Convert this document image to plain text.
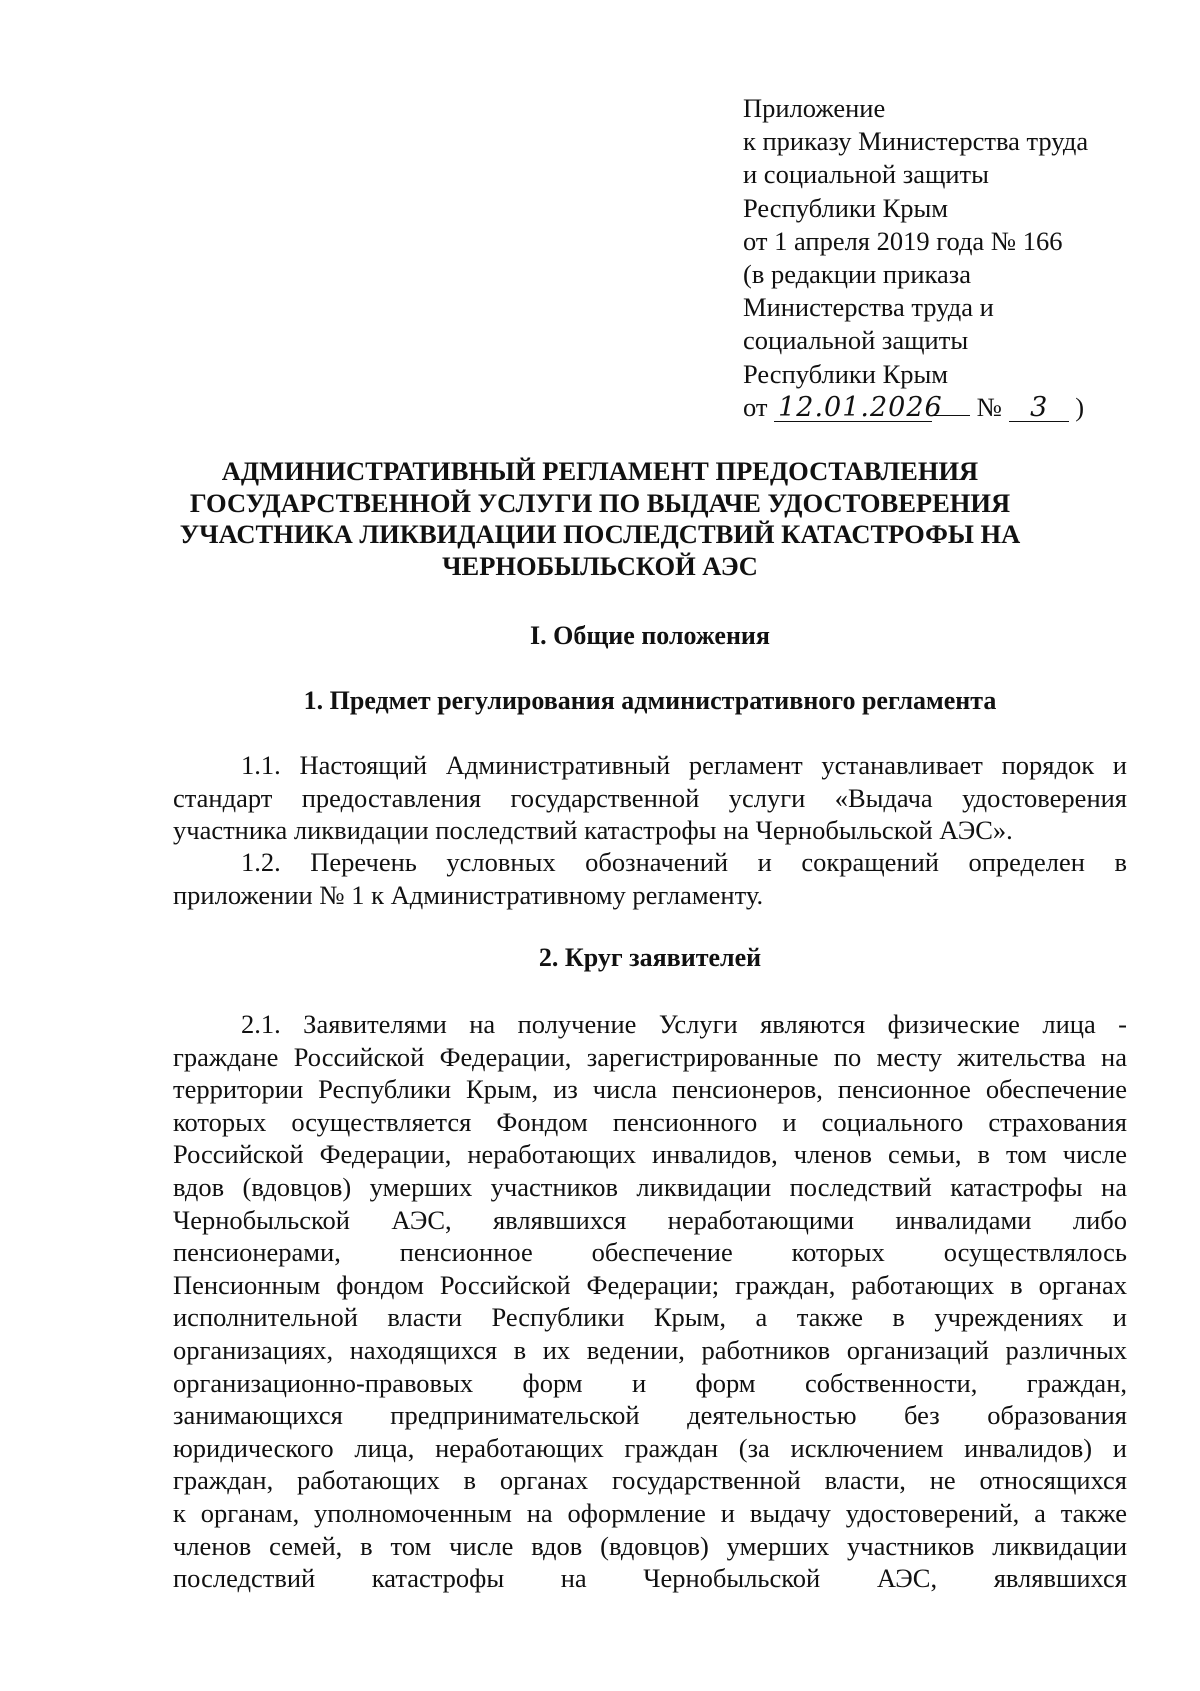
Приложение
к приказу Министерства труда
и социальной защиты
Республики Крым
от 1 апреля 2019 года № 166
(в редакции приказа
Министерства труда и
социальной защиты
Республики Крым
от 12.01.2026 № 3 )
АДМИНИСТРАТИВНЫЙ РЕГЛАМЕНТ ПРЕДОСТАВЛЕНИЯ
ГОСУДАРСТВЕННОЙ УСЛУГИ ПО ВЫДАЧЕ УДОСТОВЕРЕНИЯ
УЧАСТНИКА ЛИКВИДАЦИИ ПОСЛЕДСТВИЙ КАТАСТРОФЫ НА
ЧЕРНОБЫЛЬСКОЙ АЭС
I. Общие положения
1. Предмет регулирования административного регламента
1.1. Настоящий Административный регламент устанавливает порядок и
стандарт предоставления государственной услуги «Выдача удостоверения
участника ликвидации последствий катастрофы на Чернобыльской АЭС».
1.2. Перечень условных обозначений и сокращений определен в
приложении № 1 к Административному регламенту.
2. Круг заявителей
2.1. Заявителями на получение Услуги являются физические лица -
граждане Российской Федерации, зарегистрированные по месту жительства на
территории Республики Крым, из числа пенсионеров, пенсионное обеспечение
которых осуществляется Фондом пенсионного и социального страхования
Российской Федерации, неработающих инвалидов, членов семьи, в том числе
вдов (вдовцов) умерших участников ликвидации последствий катастрофы на
Чернобыльской АЭС, являвшихся неработающими инвалидами либо
пенсионерами, пенсионное обеспечение которых осуществлялось
Пенсионным фондом Российской Федерации; граждан, работающих в органах
исполнительной власти Республики Крым, а также в учреждениях и
организациях, находящихся в их ведении, работников организаций различных
организационно-правовых форм и форм собственности, граждан,
занимающихся предпринимательской деятельностью без образования
юридического лица, неработающих граждан (за исключением инвалидов) и
граждан, работающих в органах государственной власти, не относящихся
к органам, уполномоченным на оформление и выдачу удостоверений, а также
членов семей, в том числе вдов (вдовцов) умерших участников ликвидации
последствий катастрофы на Чернобыльской АЭС, являвшихся
